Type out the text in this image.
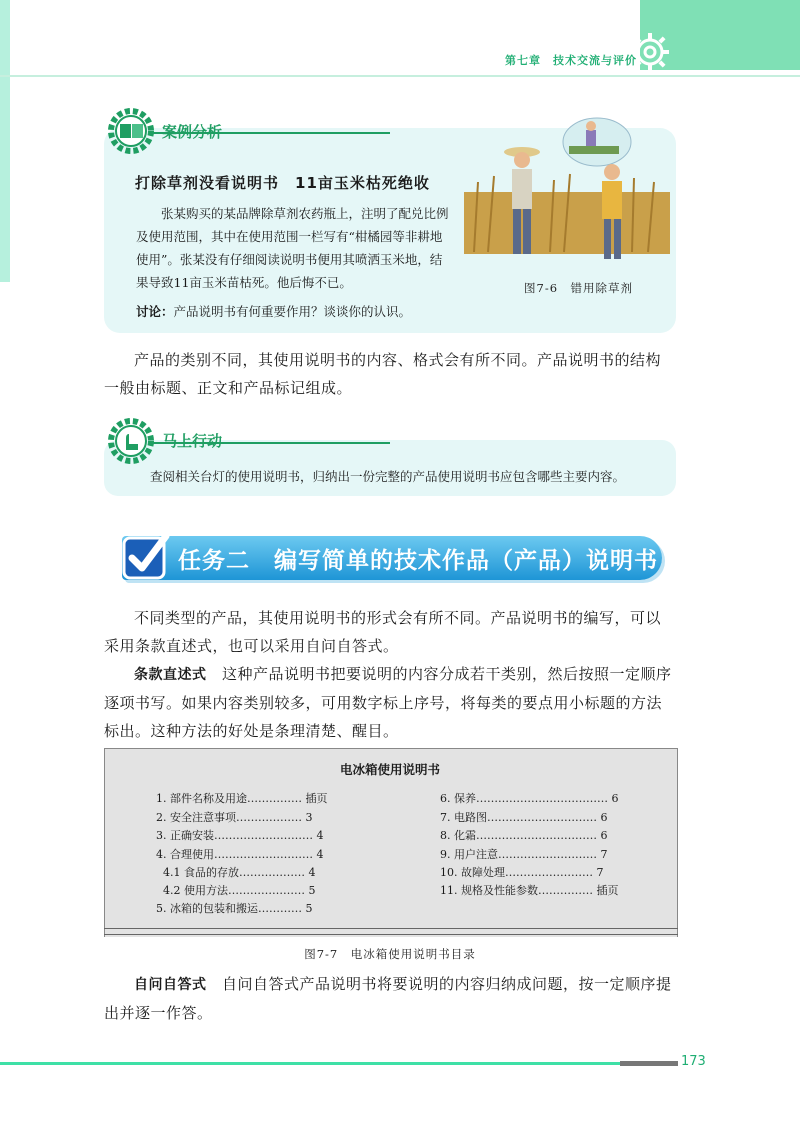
第七章　技术交流与评价
案例分析
打除草剂没看说明书　11亩玉米枯死绝收
张某购买的某品牌除草剂农药瓶上，注明了配兑比例及使用范围，其中在使用范围一栏写有“柑橘园等非耕地使用”。张某没有仔细阅读说明书便用其喷洒玉米地，结果导致11亩玉米苗枯死。他后悔不已。
讨论：产品说明书有何重要作用？谈谈你的认识。
图7-6　错用除草剂
产品的类别不同，其使用说明书的内容、格式会有所不同。产品说明书的结构一般由标题、正文和产品标记组成。
马上行动
查阅相关台灯的使用说明书，归纳出一份完整的产品使用说明书应包含哪些主要内容。
任务二　编写简单的技术作品（产品）说明书
不同类型的产品，其使用说明书的形式会有所不同。产品说明书的编写，可以采用条款直述式，也可以采用自问自答式。
条款直述式　 这种产品说明书把要说明的内容分成若干类别，然后按照一定顺序逐项书写。如果内容类别较多，可用数字标上序号，将每类的要点用小标题的方法标出。这种方法的好处是条理清楚、醒目。
电冰箱使用说明书
1. 部件名称及用途…………… 插页
2. 安全注意事项……………… 3
3. 正确安装……………………… 4
4. 合理使用……………………… 4
4.1 食品的存放……………… 4
4.2 使用方法………………… 5
5. 冰箱的包装和搬运………… 5
6. 保养……………………………… 6
7. 电路图………………………… 6
8. 化霜…………………………… 6
9. 用户注意……………………… 7
10. 故障处理…………………… 7
11. 规格及性能参数…………… 插页
图7-7　电冰箱使用说明书目录
自问自答式　 自问自答式产品说明书将要说明的内容归纳成问题，按一定顺序提出并逐一作答。
173
